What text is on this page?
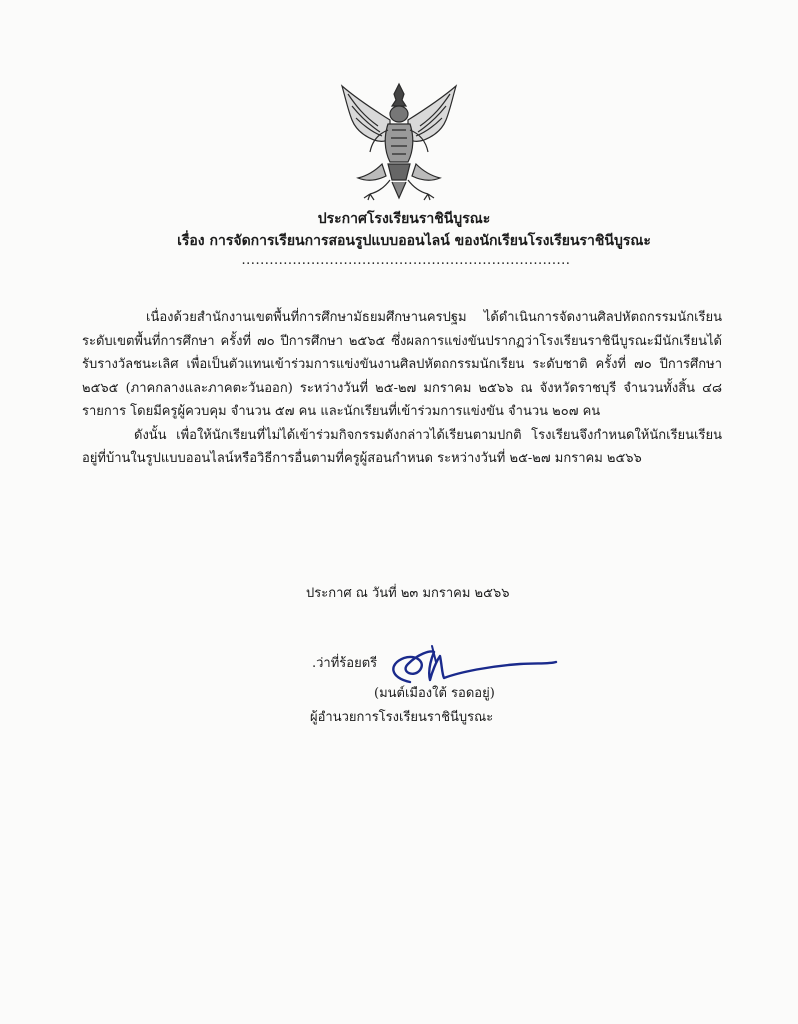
ประกาศโรงเรียนราชินีบูรณะ
เรื่อง การจัดการเรียนการสอนรูปแบบออนไลน์ ของนักเรียนโรงเรียนราชินีบูรณะ
.......................................................................

เนื่องด้วยสำนักงานเขตพื้นที่การศึกษามัธยมศึกษานครปฐม ได้ดำเนินการจัดงานศิลปหัตถกรรมนักเรียน ระดับเขตพื้นที่การศึกษา ครั้งที่ ๗๐ ปีการศึกษา ๒๕๖๕ ซึ่งผลการแข่งขันปรากฏว่าโรงเรียนราชินีบูรณะมีนักเรียนได้รับรางวัลชนะเลิศ เพื่อเป็นตัวแทนเข้าร่วมการแข่งขันงานศิลปหัตถกรรมนักเรียน ระดับชาติ ครั้งที่ ๗๐ ปีการศึกษา ๒๕๖๕ (ภาคกลางและภาคตะวันออก) ระหว่างวันที่ ๒๕-๒๗ มกราคม ๒๕๖๖ ณ จังหวัดราชบุรี จำนวนทั้งสิ้น ๔๘ รายการ โดยมีครูผู้ควบคุม จำนวน ๕๗ คน และนักเรียนที่เข้าร่วมการแข่งขัน จำนวน ๒๐๗ คน

ดังนั้น เพื่อให้นักเรียนที่ไม่ได้เข้าร่วมกิจกรรมดังกล่าวได้เรียนตามปกติ โรงเรียนจึงกำหนดให้นักเรียนเรียนอยู่ที่บ้านในรูปแบบออนไลน์หรือวิธีการอื่นตามที่ครูผู้สอนกำหนด ระหว่างวันที่ ๒๕-๒๗ มกราคม ๒๕๖๖

ประกาศ ณ วันที่ ๒๓ มกราคม ๒๕๖๖
.ว่าที่ร้อยตรี
(มนต์เมืองใต้ รอดอยู่)
ผู้อำนวยการโรงเรียนราชินีบูรณะ
